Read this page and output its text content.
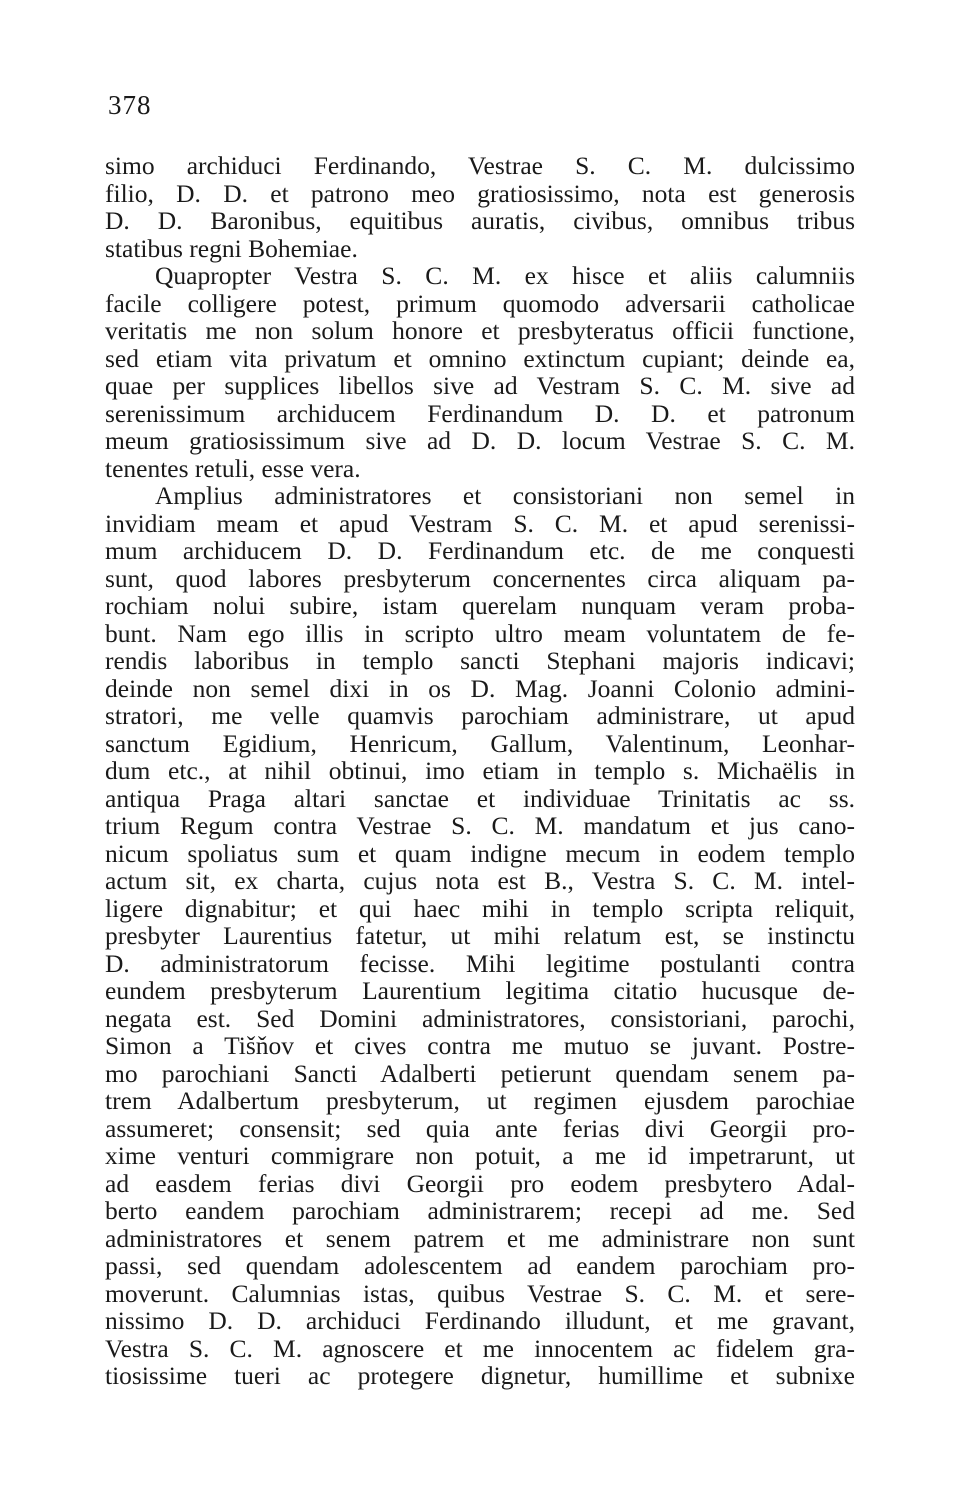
378
simo archiduci Ferdinando, Vestrae S. C. M. dulcissimo
filio, D. D. et patrono meo gratiosissimo, nota est generosis
D. D. Baronibus, equitibus auratis, civibus, omnibus tribus
statibus regni Bohemiae.
Quapropter Vestra S. C. M. ex hisce et aliis calumniis
facile colligere potest, primum quomodo adversarii catholicae
veritatis me non solum honore et presbyteratus officii functione,
sed etiam vita privatum et omnino extinctum cupiant; deinde ea,
quae per supplices libellos sive ad Vestram S. C. M. sive ad
serenissimum archiducem Ferdinandum D. D. et patronum
meum gratiosissimum sive ad D. D. locum Vestrae S. C. M.
tenentes retuli, esse vera.
Amplius administratores et consistoriani non semel in
invidiam meam et apud Vestram S. C. M. et apud serenissi-
mum archiducem D. D. Ferdinandum etc. de me conquesti
sunt, quod labores presbyterum concernentes circa aliquam pa-
rochiam nolui subire, istam querelam nunquam veram proba-
bunt. Nam ego illis in scripto ultro meam voluntatem de fe-
rendis laboribus in templo sancti Stephani majoris indicavi;
deinde non semel dixi in os D. Mag. Joanni Colonio admini-
stratori, me velle quamvis parochiam administrare, ut apud
sanctum Egidium, Henricum, Gallum, Valentinum, Leonhar-
dum etc., at nihil obtinui, imo etiam in templo s. Michaëlis in
antiqua Praga altari sanctae et individuae Trinitatis ac ss.
trium Regum contra Vestrae S. C. M. mandatum et jus cano-
nicum spoliatus sum et quam indigne mecum in eodem templo
actum sit, ex charta, cujus nota est B., Vestra S. C. M. intel-
ligere dignabitur; et qui haec mihi in templo scripta reliquit,
presbyter Laurentius fatetur, ut mihi relatum est, se instinctu
D. administratorum fecisse. Mihi legitime postulanti contra
eundem presbyterum Laurentium legitima citatio hucusque de-
negata est. Sed Domini administratores, consistoriani, parochi,
Simon a Tišňov et cives contra me mutuo se juvant. Postre-
mo parochiani Sancti Adalberti petierunt quendam senem pa-
trem Adalbertum presbyterum, ut regimen ejusdem parochiae
assumeret; consensit; sed quia ante ferias divi Georgii pro-
xime venturi commigrare non potuit, a me id impetrarunt, ut
ad easdem ferias divi Georgii pro eodem presbytero Adal-
berto eandem parochiam administrarem; recepi ad me. Sed
administratores et senem patrem et me administrare non sunt
passi, sed quendam adolescentem ad eandem parochiam pro-
moverunt. Calumnias istas, quibus Vestrae S. C. M. et sere-
nissimo D. D. archiduci Ferdinando illudunt, et me gravant,
Vestra S. C. M. agnoscere et me innocentem ac fidelem gra-
tiosissime tueri ac protegere dignetur, humillime et subnixe
